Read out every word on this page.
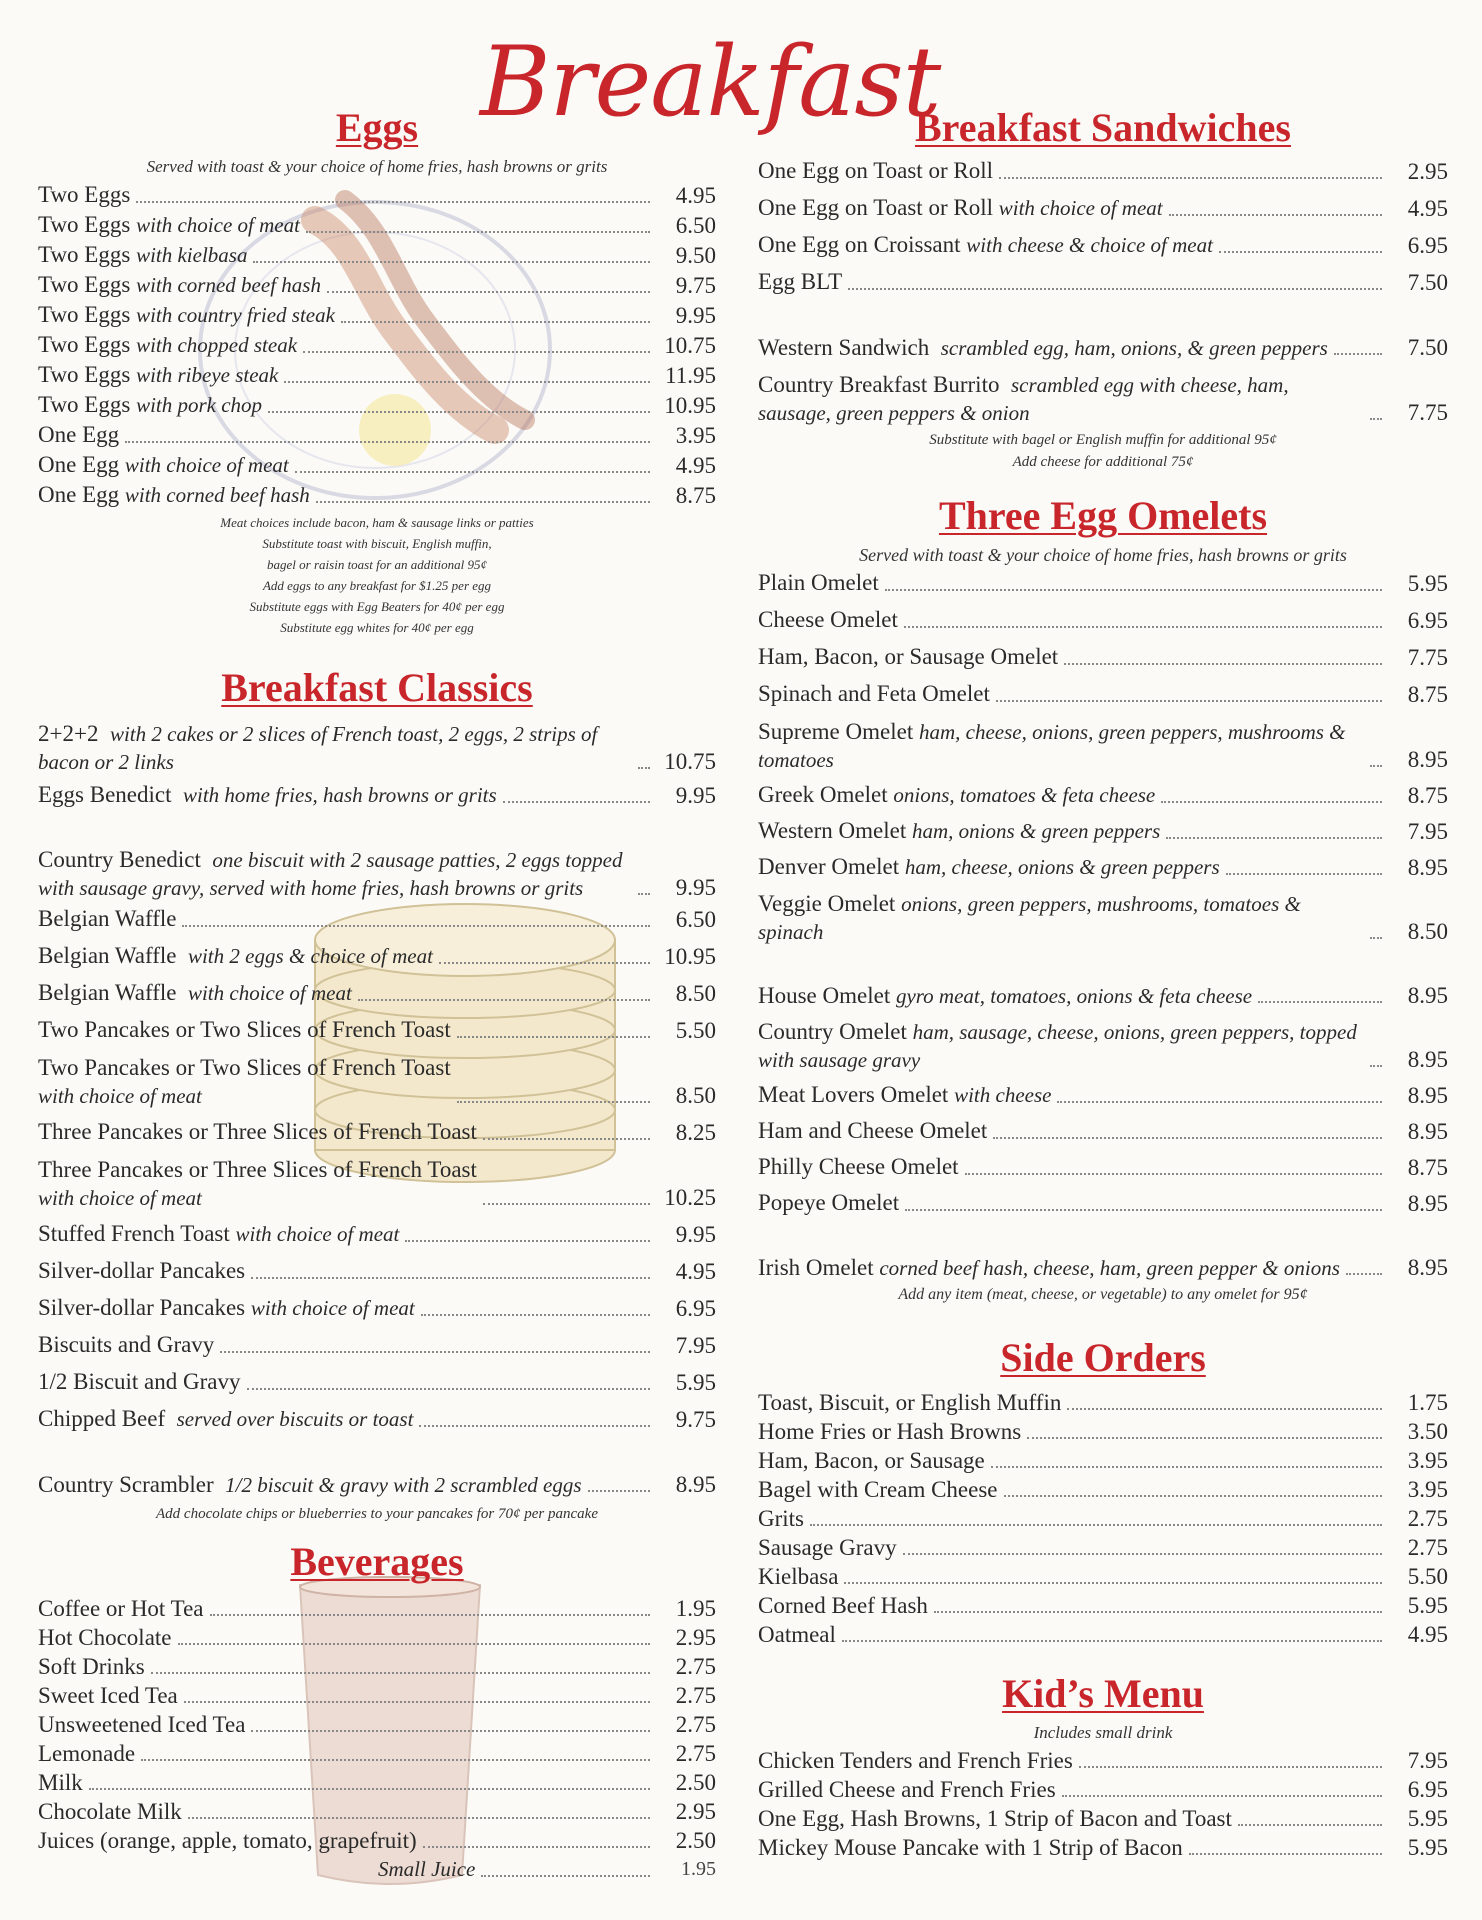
Breakfast
Eggs
Served with toast & your choice of home fries, hash browns or grits
Two Eggs	4.95
Two Eggs with choice of meat	6.50
Two Eggs with kielbasa	9.50
Two Eggs with corned beef hash	9.75
Two Eggs with country fried steak	9.95
Two Eggs with chopped steak	10.75
Two Eggs with ribeye steak	11.95
Two Eggs with pork chop	10.95
One Egg	3.95
One Egg with choice of meat	4.95
One Egg with corned beef hash	8.75
Meat choices include bacon, ham & sausage links or patties
Substitute toast with biscuit, English muffin,
bagel or raisin toast for an additional 95¢
Add eggs to any breakfast for $1.25 per egg
Substitute eggs with Egg Beaters for 40¢ per egg
Substitute egg whites for 40¢ per egg
Breakfast Classics
2+2+2 with 2 cakes or 2 slices of French toast, 2 eggs, 2 strips of bacon or 2 links	10.75
Eggs Benedict with home fries, hash browns or grits	9.95
Country Benedict one biscuit with 2 sausage patties, 2 eggs topped with sausage gravy, served with home fries, hash browns or grits	9.95
Belgian Waffle	6.50
Belgian Waffle with 2 eggs & choice of meat	10.95
Belgian Waffle with choice of meat	8.50
Two Pancakes or Two Slices of French Toast	5.50
Two Pancakes or Two Slices of French Toast
with choice of meat	8.50
Three Pancakes or Three Slices of French Toast	8.25
Three Pancakes or Three Slices of French Toast
with choice of meat	10.25
Stuffed French Toast with choice of meat	9.95
Silver-dollar Pancakes	4.95
Silver-dollar Pancakes with choice of meat	6.95
Biscuits and Gravy	7.95
1/2 Biscuit and Gravy	5.95
Chipped Beef served over biscuits or toast	9.75
Country Scrambler 1/2 biscuit & gravy with 2 scrambled eggs	8.95
Add chocolate chips or blueberries to your pancakes for 70¢ per pancake
Beverages
Coffee or Hot Tea	1.95
Hot Chocolate	2.95
Soft Drinks	2.75
Sweet Iced Tea	2.75
Unsweetened Iced Tea	2.75
Lemonade	2.75
Milk	2.50
Chocolate Milk	2.95
Juices (orange, apple, tomato, grapefruit)	2.50
Small Juice	1.95
Breakfast Sandwiches
One Egg on Toast or Roll	2.95
One Egg on Toast or Roll with choice of meat	4.95
One Egg on Croissant with cheese & choice of meat	6.95
Egg BLT	7.50
Western Sandwich scrambled egg, ham, onions, & green peppers	7.50
Country Breakfast Burrito scrambled egg with cheese, ham, sausage, green peppers & onion	7.75
Substitute with bagel or English muffin for additional 95¢
Add cheese for additional 75¢
Three Egg Omelets
Served with toast & your choice of home fries, hash browns or grits
Plain Omelet	5.95
Cheese Omelet	6.95
Ham, Bacon, or Sausage Omelet	7.75
Spinach and Feta Omelet	8.75
Supreme Omelet ham, cheese, onions, green peppers, mushrooms & tomatoes	8.95
Greek Omelet onions, tomatoes & feta cheese	8.75
Western Omelet ham, onions & green peppers	7.95
Denver Omelet ham, cheese, onions & green peppers	8.95
Veggie Omelet onions, green peppers, mushrooms, tomatoes & spinach	8.50
House Omelet gyro meat, tomatoes, onions & feta cheese	8.95
Country Omelet ham, sausage, cheese, onions, green peppers, topped with sausage gravy	8.95
Meat Lovers Omelet with cheese	8.95
Ham and Cheese Omelet	8.95
Philly Cheese Omelet	8.75
Popeye Omelet	8.95
Irish Omelet corned beef hash, cheese, ham, green pepper & onions	8.95
Add any item (meat, cheese, or vegetable) to any omelet for 95¢
Side Orders
Toast, Biscuit, or English Muffin	1.75
Home Fries or Hash Browns	3.50
Ham, Bacon, or Sausage	3.95
Bagel with Cream Cheese	3.95
Grits	2.75
Sausage Gravy	2.75
Kielbasa	5.50
Corned Beef Hash	5.95
Oatmeal	4.95
Kid’s Menu
Includes small drink
Chicken Tenders and French Fries	7.95
Grilled Cheese and French Fries	6.95
One Egg, Hash Browns, 1 Strip of Bacon and Toast	5.95
Mickey Mouse Pancake with 1 Strip of Bacon	5.95
